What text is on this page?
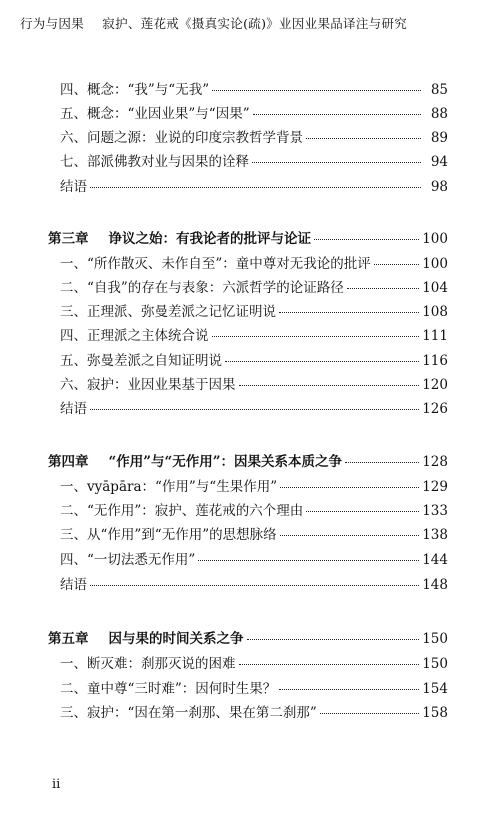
行为与因果 寂护、莲花戒《摄真实论(疏)》业因业果品译注与研究
四、概念：“我”与“无我”	85
五、概念：“业因业果”与“因果”	88
六、问题之源：业说的印度宗教哲学背景	89
七、部派佛教对业与因果的诠释	94
结语	98
第三章 诤议之始：有我论者的批评与论证	100
一、“所作散灭、未作自至”：童中尊对无我论的批评	100
二、“自我”的存在与表象：六派哲学的论证路径	104
三、正理派、弥曼差派之记忆证明说	108
四、正理派之主体统合说	111
五、弥曼差派之自知证明说	116
六、寂护：业因业果基于因果	120
结语	126
第四章 “作用”与“无作用”：因果关系本质之争	128
一、vyāpāra：“作用”与“生果作用”	129
二、“无作用”：寂护、莲花戒的六个理由	133
三、从“作用”到“无作用”的思想脉络	138
四、“一切法悉无作用”	144
结语	148
第五章 因与果的时间关系之争	150
一、断灭难：刹那灭说的困难	150
二、童中尊“三时难”：因何时生果？	154
三、寂护：“因在第一刹那、果在第二刹那”	158
ii
